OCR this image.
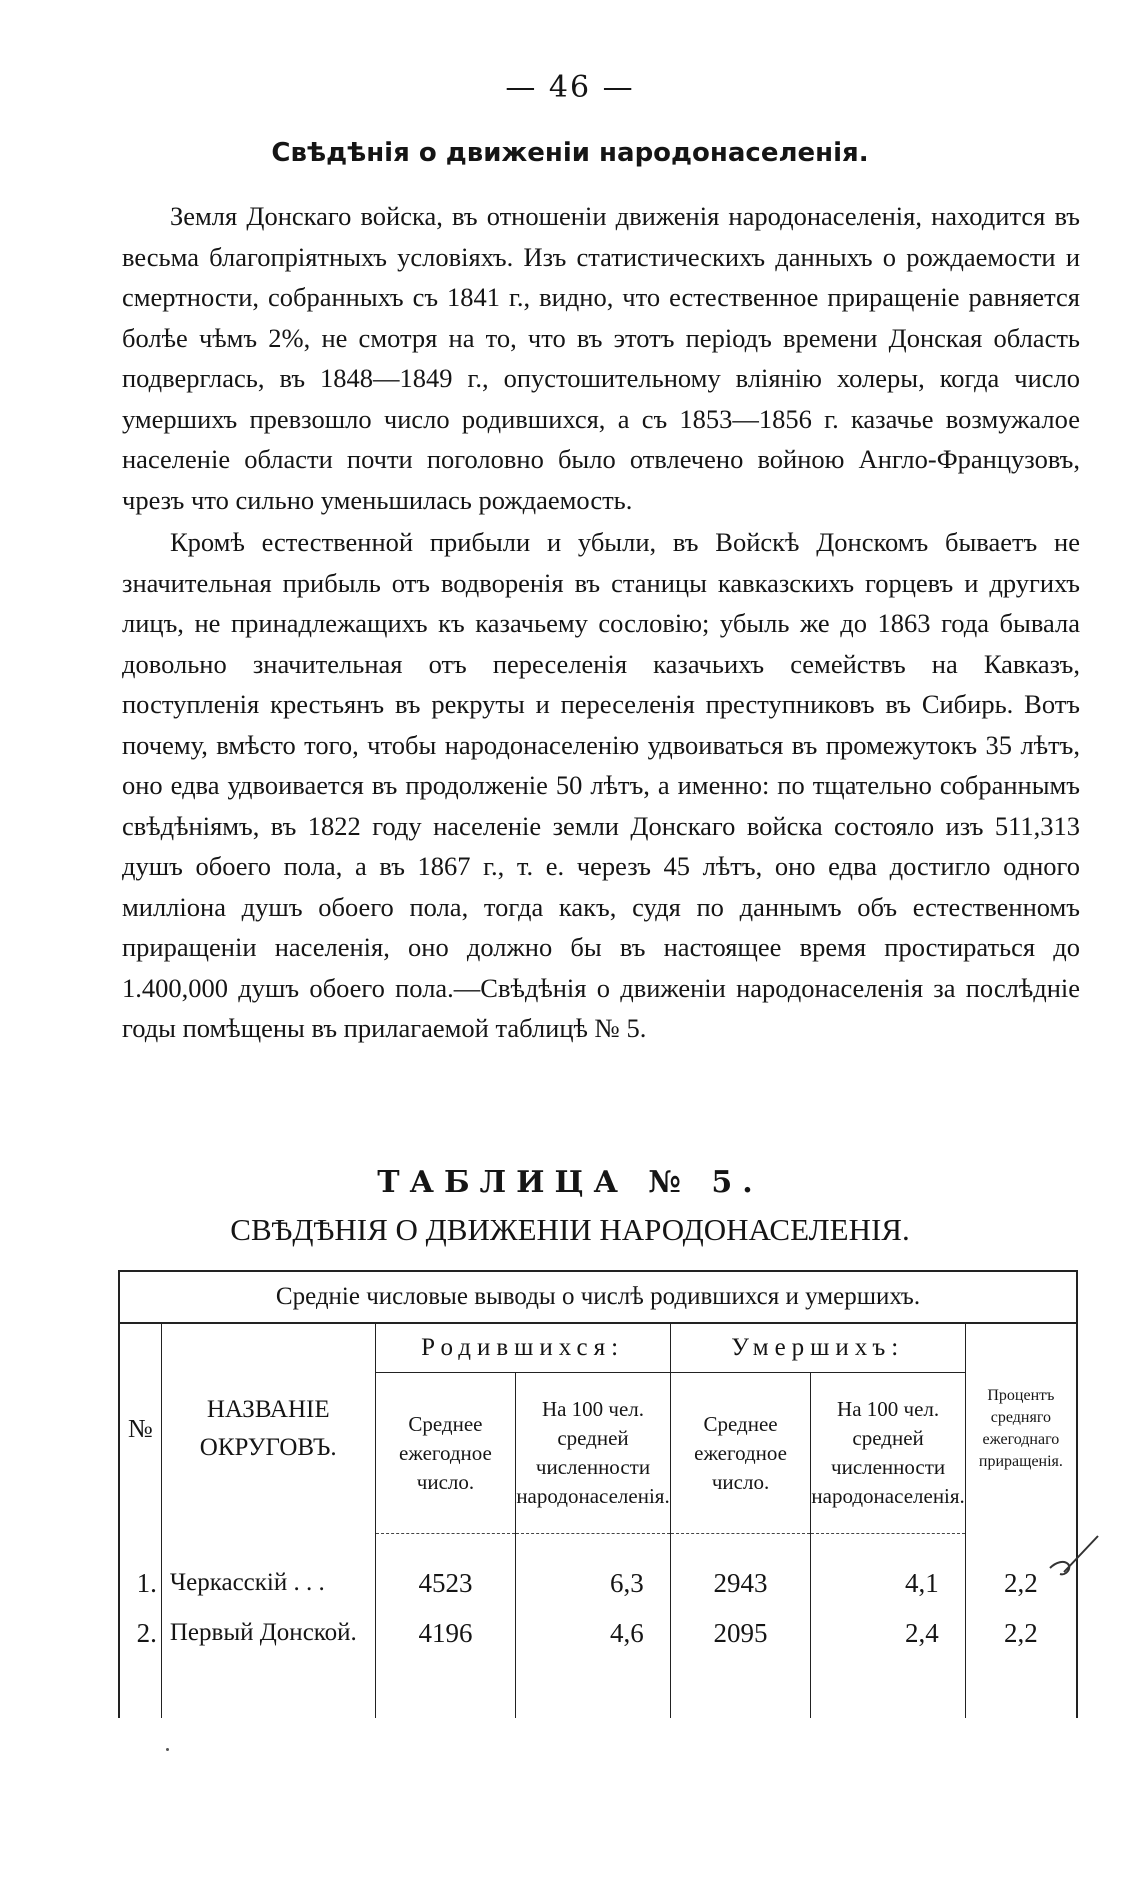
— 46 —
Свѣдѣнія о движеніи народонаселенія.

Земля Донскаго войска, въ отношеніи движенія народонаселенія, находится въ весьма благопріятныхъ условіяхъ. Изъ статистическихъ данныхъ о рождаемости и смертности, собранныхъ съ 1841 г., видно, что естественное приращеніе равняется болѣе чѣмъ 2%, не смотря на то, что въ этотъ періодъ времени Донская область подверглась, въ 1848—1849 г., опустошительному вліянію холеры, когда число умершихъ превзошло число родившихся, а съ 1853—1856 г. казачье возмужалое населеніе области почти поголовно было отвлечено войною Англо-Французовъ, чрезъ что сильно уменьшилась рождаемость.

Кромѣ естественной прибыли и убыли, въ Войскѣ Донскомъ бываетъ не значительная прибыль отъ водворенія въ станицы кавказскихъ горцевъ и другихъ лицъ, не принадлежащихъ къ казачьему сословію; убыль же до 1863 года бывала довольно значительная отъ переселенія казачьихъ семействъ на Кавказъ, поступленія крестьянъ въ рекруты и переселенія преступниковъ въ Сибирь. Вотъ почему, вмѣсто того, чтобы народонаселенію удвоиваться въ промежутокъ 35 лѣтъ, оно едва удвоивается въ продолженіе 50 лѣтъ, а именно: по тщательно собраннымъ свѣдѣніямъ, въ 1822 году населеніе земли Донскаго войска состояло изъ 511,313 душъ обоего пола, а въ 1867 г., т. е. черезъ 45 лѣтъ, оно едва достигло одного милліона душъ обоего пола, тогда какъ, судя по даннымъ объ естественномъ приращеніи населенія, оно должно бы въ настоящее время простираться до 1.400,000 душъ обоего пола.—Свѣдѣнія о движеніи народонаселенія за послѣдніе годы помѣщены въ прилагаемой таблицѣ № 5.

ТАБЛИЦА № 5.
СВѢДѢНІЯ О ДВИЖЕНІИ НАРОДОНАСЕЛЕНІЯ.
Средніе числовые выводы о числѣ родившихся и умершихъ.						
№	НАЗВАНІЕ ОКРУГОВЪ.	Родившихся:		Умершихъ:		Процентъ средняго ежегоднаго приращенія.
		Среднее ежегодное число.	На 100 чел. средней численности народонаселенія.	Среднее ежегодное число.	На 100 чел. средней численности народонаселенія.	

1.	Черкасскій . . .	4523	6,3	2943	4,1	2,2
2.	Первый Донской.	4196	4,6	2095	2,4	2,2
